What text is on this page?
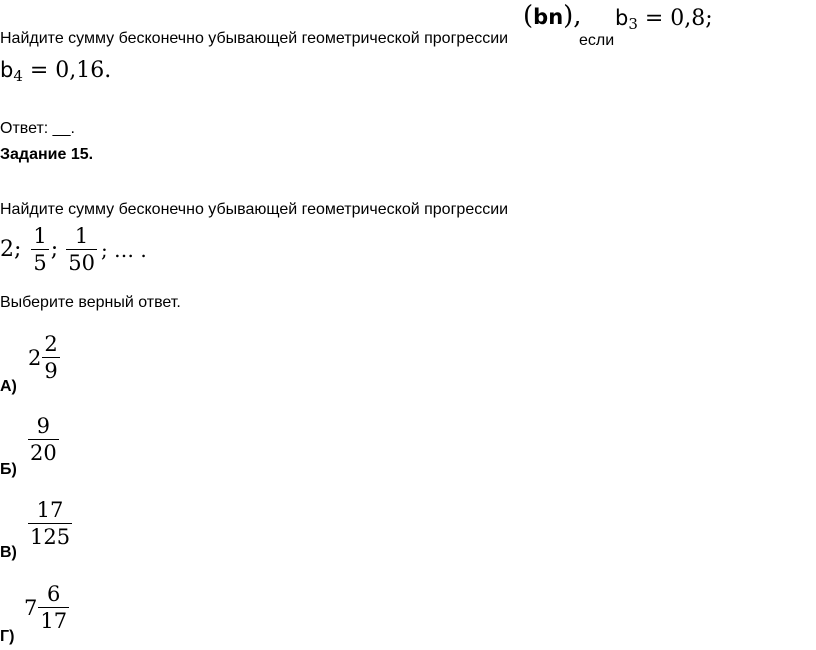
Найдите сумму бесконечно убывающей геометрической прогрессии
(bn),
если
b3 = 0,8;
b4 = 0,16.
Ответ: __.
Задание 15.
Найдите сумму бесконечно убывающей геометрической прогрессии
2; $\frac{1}{5}$ ; $\frac{1}{50}$ ; … .
Выберите верный ответ.
$2 \frac{2}{9}$
А)
$\frac{9}{20}$
Б)
$\frac{17}{125}$
В)
$7 \frac{6}{17}$
Г)
